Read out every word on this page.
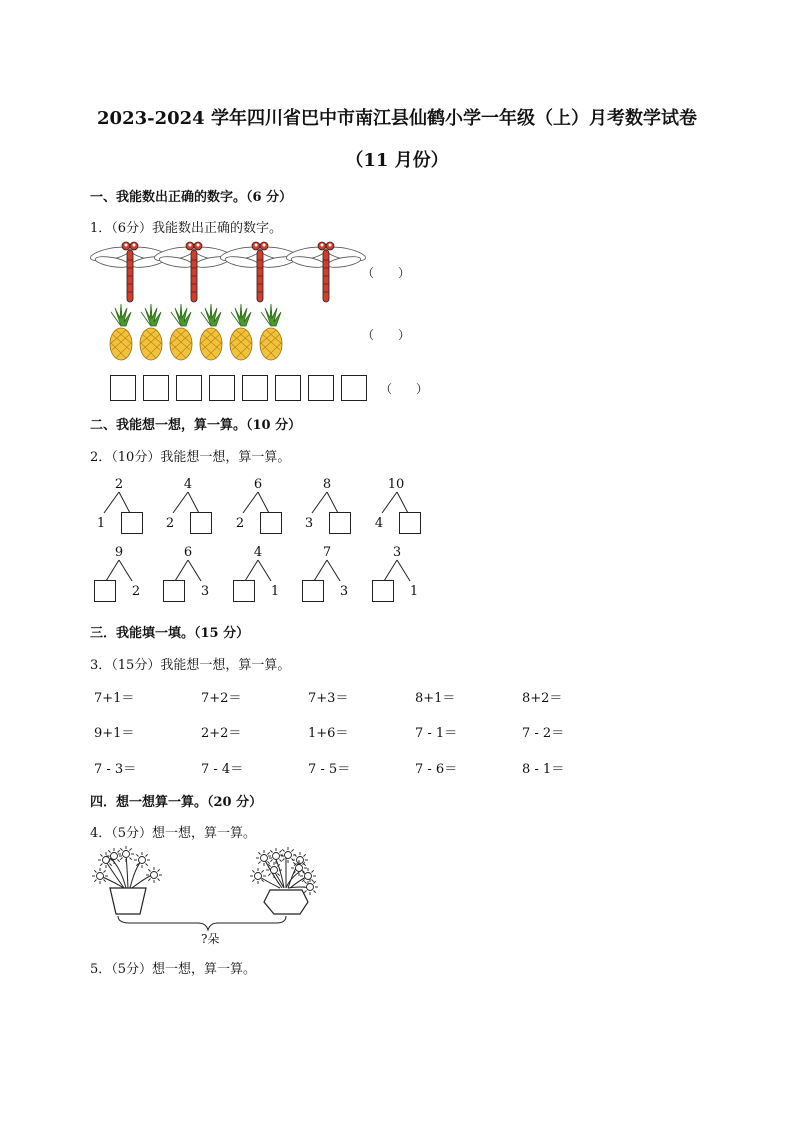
2023-2024 学年四川省巴中市南江县仙鹤小学一年级（上）月考数学试卷
（11 月份）
一、我能数出正确的数字。（6 分）
1．（6分）我能数出正确的数字。
（　　）
（　　）
（　　）
二、我能想一想，算一算。（10 分）
2．（10分）我能想一想，算一算。
2
1
4
2
6
2
8
3
10
4
9
2
6
3
4
1
7
3
3
1
三．我能填一填。（15 分）
3．（15分）我能想一想，算一算。
7+1＝	7+2＝	7+3＝	8+1＝	8+2＝
9+1＝	2+2＝	1+6＝	7 - 1＝	7 - 2＝
7 - 3＝	7 - 4＝	7 - 5＝	7 - 6＝	8 - 1＝
四．想一想算一算。（20 分）
4．（5分）想一想，算一算。
?朵
5．（5分）想一想，算一算。
